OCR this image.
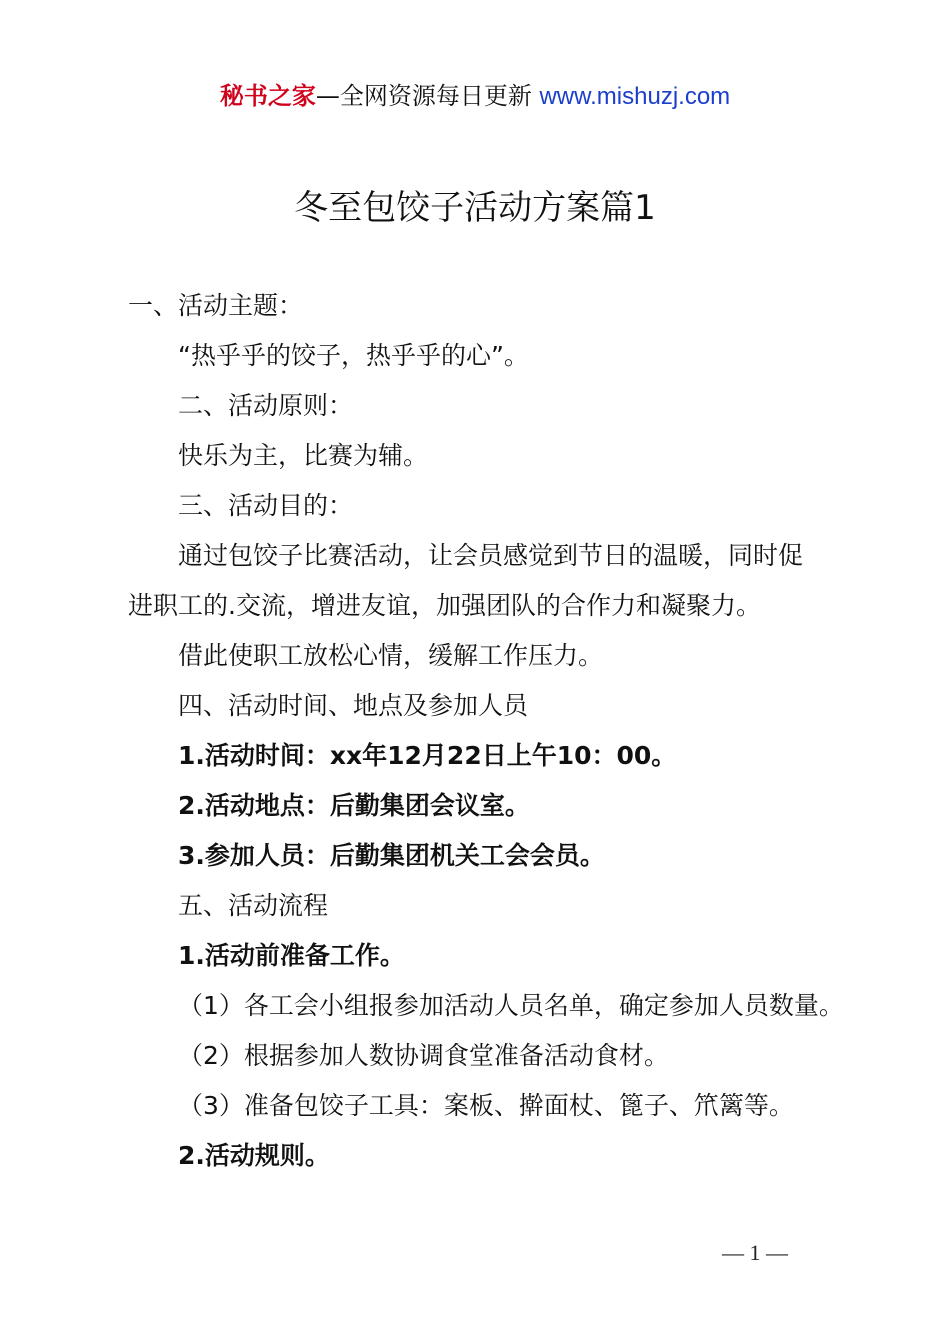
秘书之家—全网资源每日更新 www.mishuzj.com
冬至包饺子活动方案篇1
一、活动主题：
“热乎乎的饺子，热乎乎的心”。
二、活动原则：
快乐为主，比赛为辅。
三、活动目的：
通过包饺子比赛活动，让会员感觉到节日的温暖，同时促
进职工的.交流，增进友谊，加强团队的合作力和凝聚力。
借此使职工放松心情，缓解工作压力。
四、活动时间、地点及参加人员
1.活动时间：xx年12月22日上午10：00。
2.活动地点：后勤集团会议室。
3.参加人员：后勤集团机关工会会员。
五、活动流程
1.活动前准备工作。
（1）各工会小组报参加活动人员名单，确定参加人员数量。
（2）根据参加人数协调食堂准备活动食材。
（3）准备包饺子工具：案板、擀面杖、篦子、笊篱等。
2.活动规则。
— 1 —
